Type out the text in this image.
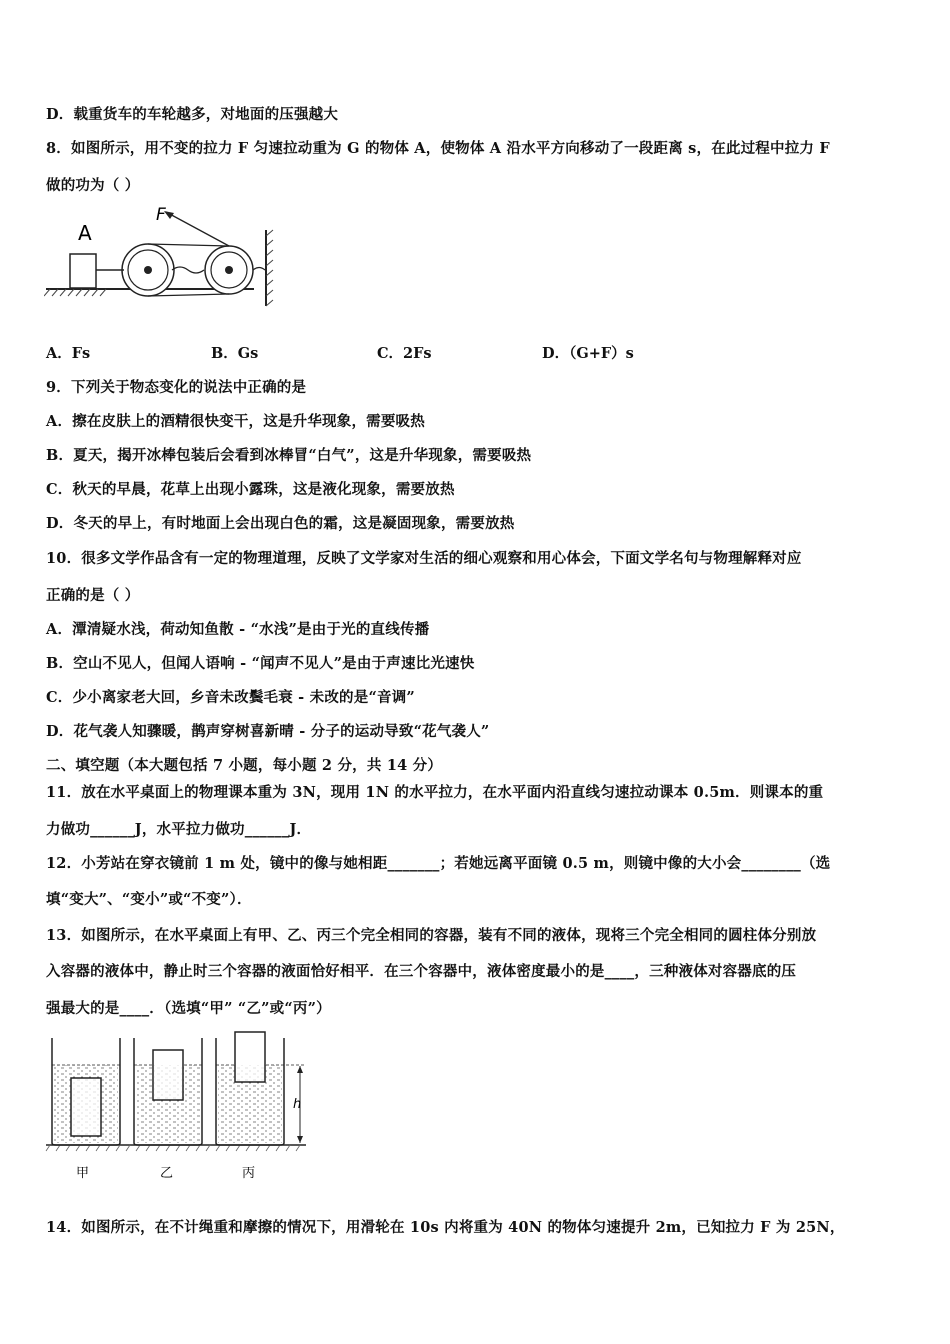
D．载重货车的车轮越多，对地面的压强越大
8．如图所示，用不变的拉力 F 匀速拉动重为 G 的物体 A，使物体 A 沿水平方向移动了一段距离 s，在此过程中拉力 F
做的功为（ ）
A
F
A．Fs	B．Gs	C．2Fs	D．（G+F）s
9．下列关于物态变化的说法中正确的是
A．擦在皮肤上的酒精很快变干，这是升华现象，需要吸热
B．夏天，揭开冰棒包装后会看到冰棒冒“白气”，这是升华现象，需要吸热
C．秋天的早晨，花草上出现小露珠，这是液化现象，需要放热
D．冬天的早上，有时地面上会出现白色的霜，这是凝固现象，需要放热
10．很多文学作品含有一定的物理道理，反映了文学家对生活的细心观察和用心体会，下面文学名句与物理解释对应
正确的是（ ）
A．潭清疑水浅，荷动知鱼散 - “水浅”是由于光的直线传播
B．空山不见人，但闻人语响 - “闻声不见人”是由于声速比光速快
C．少小离家老大回，乡音未改鬓毛衰 - 未改的是“音调”
D．花气袭人知骤暖，鹊声穿树喜新晴 - 分子的运动导致“花气袭人”
二、填空题（本大题包括 7 小题，每小题 2 分，共 14 分）
11．放在水平桌面上的物理课本重为 3N，现用 1N 的水平拉力，在水平面内沿直线匀速拉动课本 0.5m．则课本的重
力做功______J，水平拉力做功______J．
12．小芳站在穿衣镜前 1 m 处，镜中的像与她相距_______；若她远离平面镜 0.5 m，则镜中像的大小会________（选
填“变大”、“变小”或“不变”）．
13．如图所示，在水平桌面上有甲、乙、丙三个完全相同的容器，装有不同的液体，现将三个完全相同的圆柱体分别放
入容器的液体中，静止时三个容器的液面恰好相平．在三个容器中，液体密度最小的是____，三种液体对容器底的压
强最大的是____．（选填“甲” “乙”或“丙”）
h
甲	乙	丙
14．如图所示，在不计绳重和摩擦的情况下，用滑轮在 10s 内将重为 40N 的物体匀速提升 2m，已知拉力 F 为 25N，
